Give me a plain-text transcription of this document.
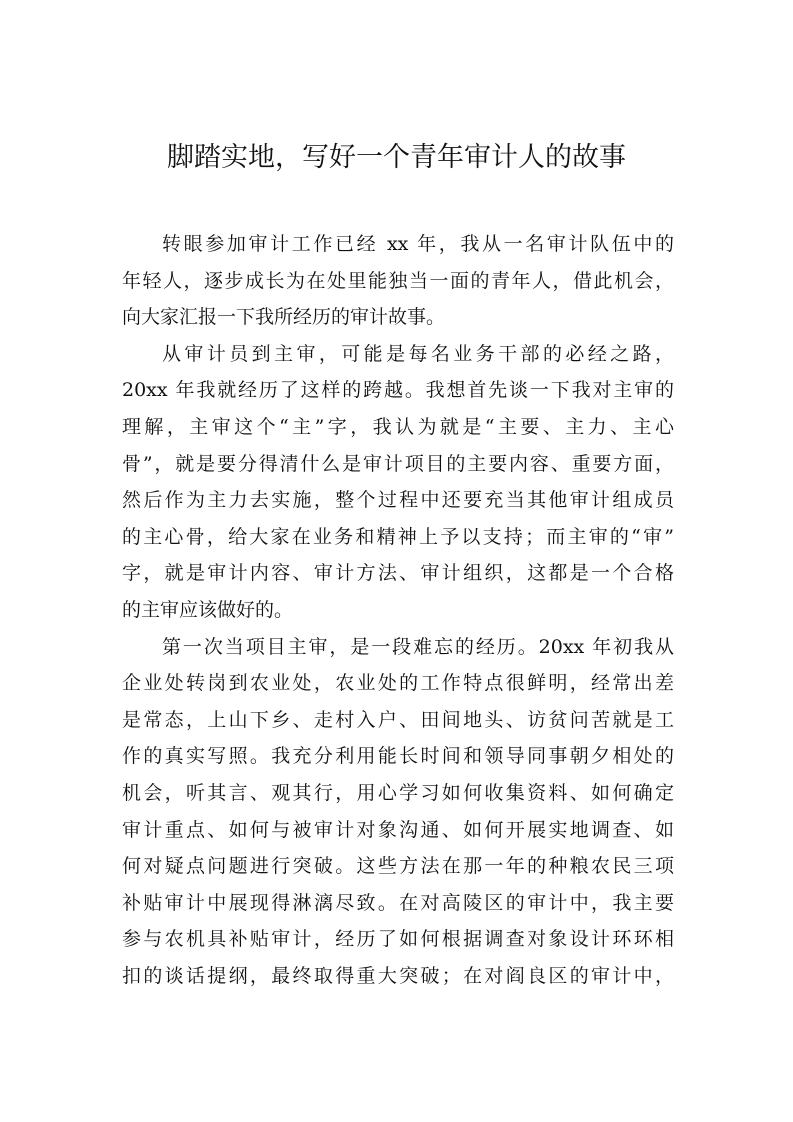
脚踏实地，写好一个青年审计人的故事
转眼参加审计工作已经 xx 年，我从一名审计队伍中的
年轻人，逐步成长为在处里能独当一面的青年人，借此机会，
向大家汇报一下我所经历的审计故事。
从审计员到主审，可能是每名业务干部的必经之路，
20xx 年我就经历了这样的跨越。我想首先谈一下我对主审的
理解，主审这个“主”字，我认为就是“主要、主力、主心
骨”，就是要分得清什么是审计项目的主要内容、重要方面，
然后作为主力去实施，整个过程中还要充当其他审计组成员
的主心骨，给大家在业务和精神上予以支持；而主审的“审”
字，就是审计内容、审计方法、审计组织，这都是一个合格
的主审应该做好的。
第一次当项目主审，是一段难忘的经历。20xx 年初我从
企业处转岗到农业处，农业处的工作特点很鲜明，经常出差
是常态，上山下乡、走村入户、田间地头、访贫问苦就是工
作的真实写照。我充分利用能长时间和领导同事朝夕相处的
机会，听其言、观其行，用心学习如何收集资料、如何确定
审计重点、如何与被审计对象沟通、如何开展实地调查、如
何对疑点问题进行突破。这些方法在那一年的种粮农民三项
补贴审计中展现得淋漓尽致。在对高陵区的审计中，我主要
参与农机具补贴审计，经历了如何根据调查对象设计环环相
扣的谈话提纲，最终取得重大突破；在对阎良区的审计中，
